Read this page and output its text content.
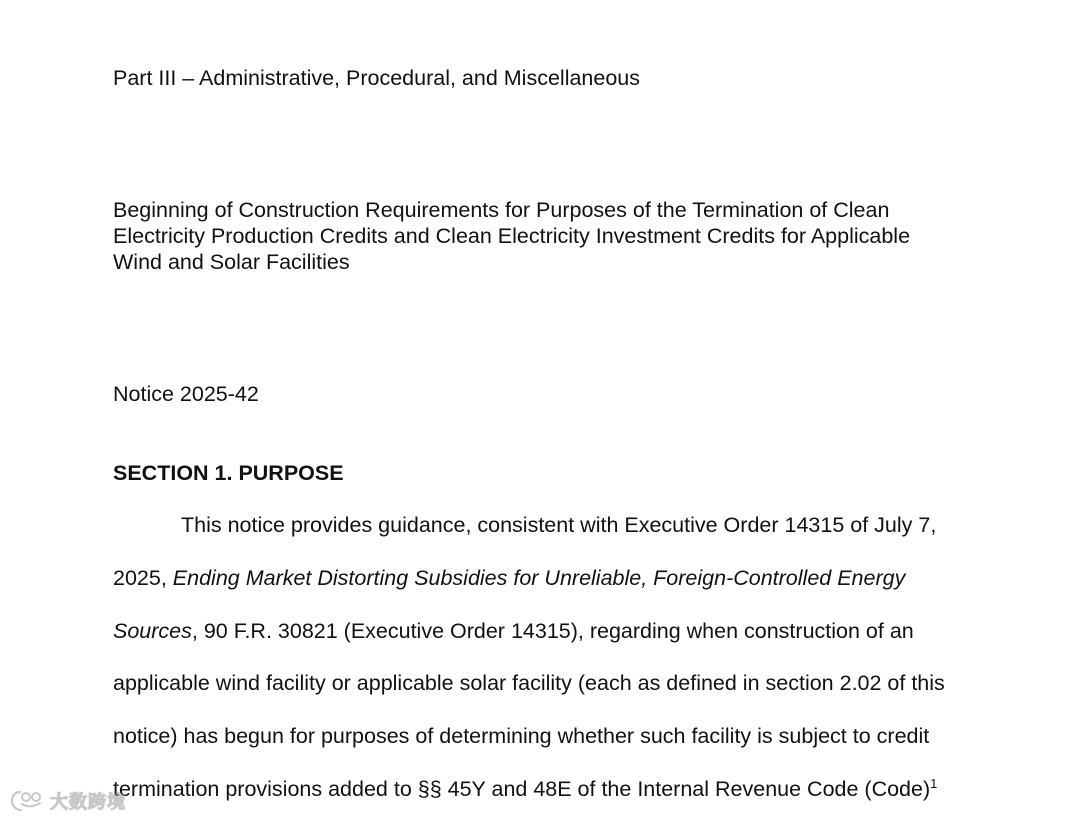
Part III – Administrative, Procedural, and Miscellaneous

Beginning of Construction Requirements for Purposes of the Termination of Clean
Electricity Production Credits and Clean Electricity Investment Credits for Applicable
Wind and Solar Facilities

Notice 2025-42

SECTION 1. PURPOSE
This notice provides guidance, consistent with Executive Order 14315 of July 7,
2025, Ending Market Distorting Subsidies for Unreliable, Foreign-Controlled Energy
Sources, 90 F.R. 30821 (Executive Order 14315), regarding when construction of an
applicable wind facility or applicable solar facility (each as defined in section 2.02 of this
notice) has begun for purposes of determining whether such facility is subject to credit
termination provisions added to §§ 45Y and 48E of the Internal Revenue Code (Code)$^1$
大数跨境
